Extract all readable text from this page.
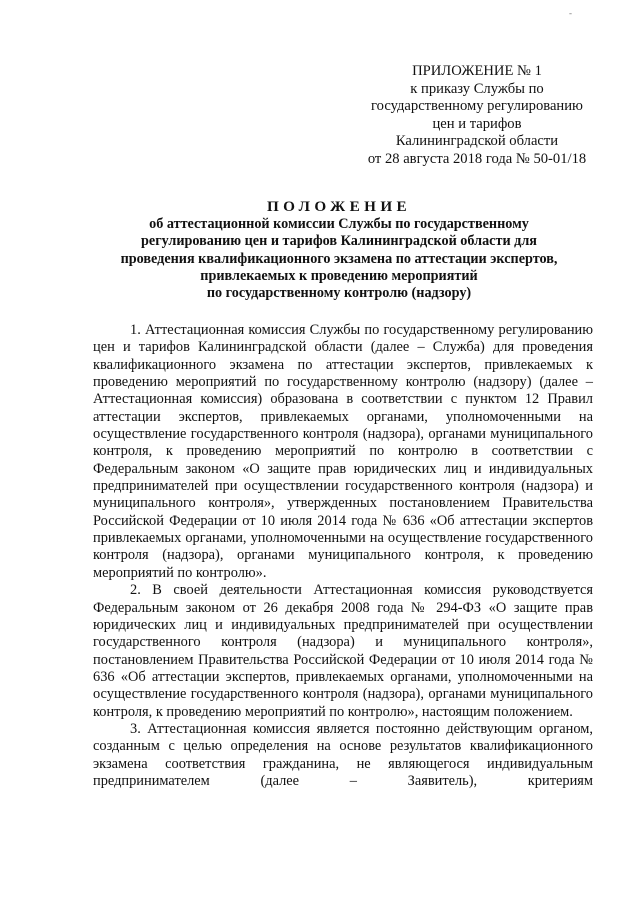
-
ПРИЛОЖЕНИЕ № 1
к приказу Службы по
государственному регулированию
цен и тарифов
Калининградской области
от 28 августа 2018 года № 50-01/18
ПОЛОЖЕНИЕ
об аттестационной комиссии Службы по государственному
регулированию цен и тарифов Калининградской области для
проведения квалификационного экзамена по аттестации экспертов,
привлекаемых к проведению мероприятий
по государственному контролю (надзору)

1. Аттестационная комиссия Службы по государственному регулированию цен и тарифов Калининградской области (далее – Служба) для проведения квалификационного экзамена по аттестации экспертов, привлекаемых к проведению мероприятий по государственному контролю (надзору) (далее – Аттестационная комиссия) образована в соответствии с пунктом 12 Правил аттестации экспертов, привлекаемых органами, уполномоченными на осуществление государственного контроля (надзора), органами муниципального контроля, к проведению мероприятий по контролю в соответствии с Федеральным законом «О защите прав юридических лиц и индивидуальных предпринимателей при осуществлении государственного контроля (надзора) и муниципального контроля», утвержденных постановлением Правительства Российской Федерации от 10 июля 2014 года № 636 «Об аттестации экспертов привлекаемых органами, уполномоченными на осуществление государственного контроля (надзора), органами муниципального контроля, к проведению мероприятий по контролю».

2. В своей деятельности Аттестационная комиссия руководствуется Федеральным законом от 26 декабря 2008 года № 294-ФЗ «О защите прав юридических лиц и индивидуальных предпринимателей при осуществлении государственного контроля (надзора) и муниципального контроля», постановлением Правительства Российской Федерации от 10 июля 2014 года № 636 «Об аттестации экспертов, привлекаемых органами, уполномоченными на осуществление государственного контроля (надзора), органами муниципального контроля, к проведению мероприятий по контролю», настоящим положением.

3. Аттестационная комиссия является постоянно действующим органом, созданным с целью определения на основе результатов квалификационного экзамена соответствия гражданина, не являющегося индивидуальным предпринимателем (далее – Заявитель), критериям
